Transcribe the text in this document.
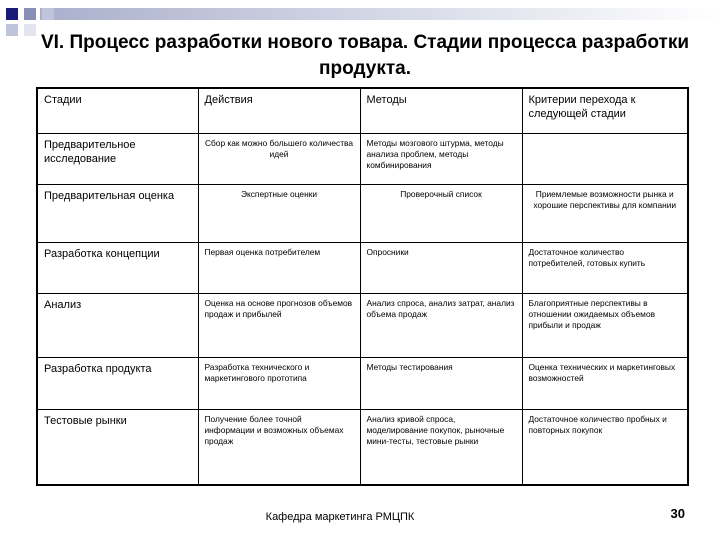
VI. Процесс разработки нового товара. Стадии процесса разработки продукта.
Стадии	Действия	Методы	Критерии перехода к следующей стадии
Предварительное исследование	Сбор как можно большего количества идей	Методы мозгового штурма, методы анализа проблем, методы комбинирования	
Предварительная оценка	Экспертные оценки	Проверочный список	Приемлемые возможности рынка и хорошие перспективы для компании
Разработка концепции	Первая оценка потребителем	Опросники	Достаточное количество потребителей, готовых купить
Анализ	Оценка на основе прогнозов объемов продаж и прибылей	Анализ спроса, анализ затрат, анализ объема продаж	Благоприятные перспективы в отношении ожидаемых объемов прибыли и продаж
Разработка продукта	Разработка технического и маркетингового прототипа	Методы тестирования	Оценка технических и маркетинговых возможностей
Тестовые рынки	Получение более точной информации и возможных объемах продаж	Анализ кривой спроса, моделирование покупок, рыночные мини-тесты, тестовые рынки	Достаточное количество пробных и повторных покупок
Кафедра маркетинга РМЦПК	30
